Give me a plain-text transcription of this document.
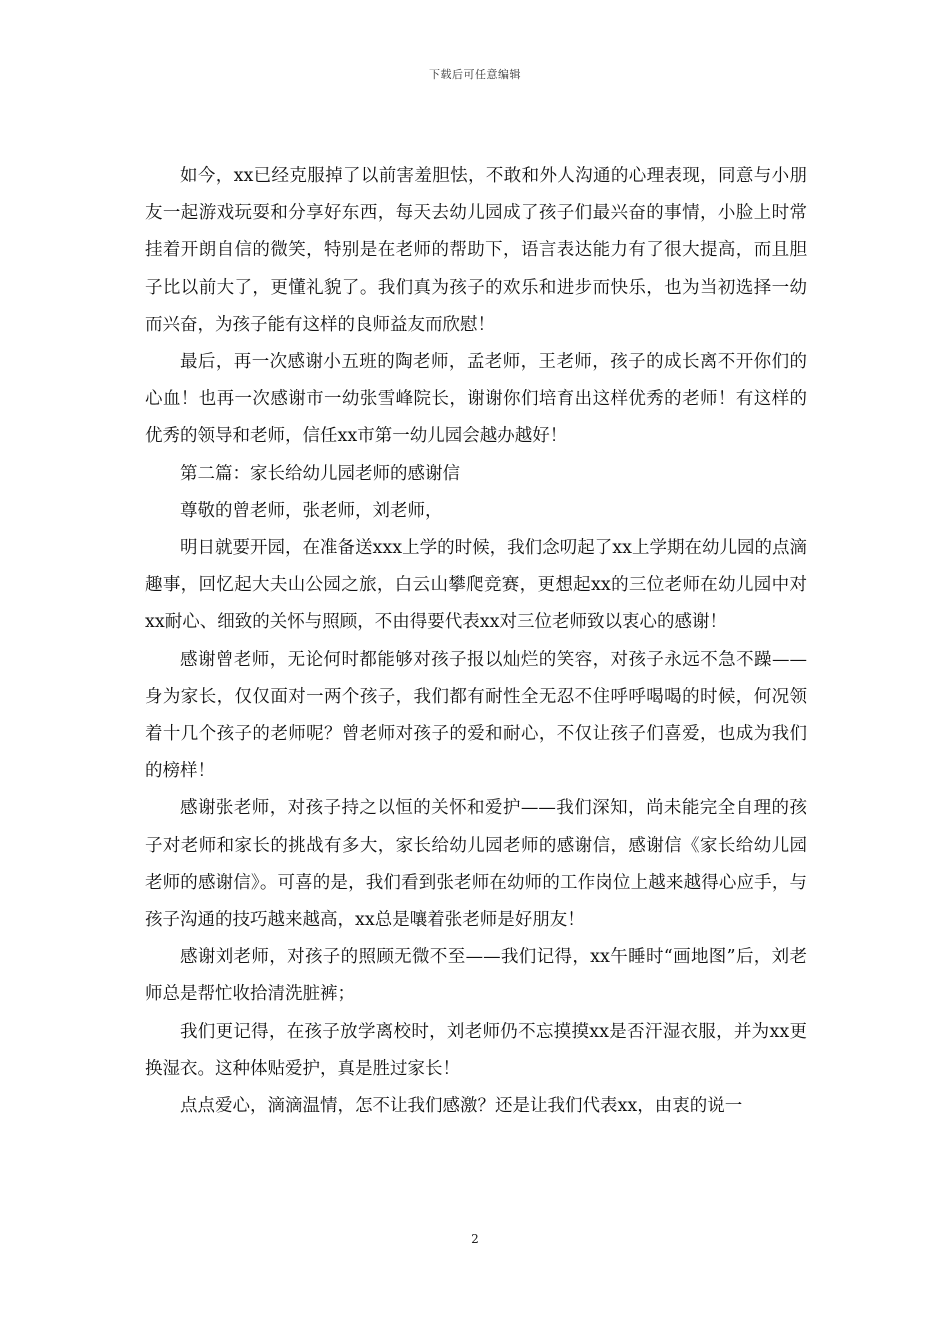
下载后可任意编辑

如今，xx已经克服掉了以前害羞胆怯，不敢和外人沟通的心理表现，同意与小朋友一起游戏玩耍和分享好东西，每天去幼儿园成了孩子们最兴奋的事情，小脸上时常挂着开朗自信的微笑，特别是在老师的帮助下，语言表达能力有了很大提高，而且胆子比以前大了，更懂礼貌了。我们真为孩子的欢乐和进步而快乐，也为当初选择一幼而兴奋，为孩子能有这样的良师益友而欣慰！

最后，再一次感谢小五班的陶老师，孟老师，王老师，孩子的成长离不开你们的心血！也再一次感谢市一幼张雪峰院长，谢谢你们培育出这样优秀的老师！有这样的优秀的领导和老师，信任xx市第一幼儿园会越办越好！

第二篇：家长给幼儿园老师的感谢信

尊敬的曾老师，张老师，刘老师，

明日就要开园，在准备送xxx上学的时候，我们念叨起了xx上学期在幼儿园的点滴趣事，回忆起大夫山公园之旅，白云山攀爬竞赛，更想起xx的三位老师在幼儿园中对xx耐心、细致的关怀与照顾，不由得要代表xx对三位老师致以衷心的感谢！

感谢曾老师，无论何时都能够对孩子报以灿烂的笑容，对孩子永远不急不躁——身为家长，仅仅面对一两个孩子，我们都有耐性全无忍不住呼呼喝喝的时候，何况领着十几个孩子的老师呢？曾老师对孩子的爱和耐心，不仅让孩子们喜爱，也成为我们的榜样！

感谢张老师，对孩子持之以恒的关怀和爱护——我们深知，尚未能完全自理的孩子对老师和家长的挑战有多大，家长给幼儿园老师的感谢信，感谢信《家长给幼儿园老师的感谢信》。可喜的是，我们看到张老师在幼师的工作岗位上越来越得心应手，与孩子沟通的技巧越来越高，xx总是嚷着张老师是好朋友！

感谢刘老师，对孩子的照顾无微不至——我们记得，xx午睡时“画地图”后，刘老师总是帮忙收拾清洗脏裤；

我们更记得，在孩子放学离校时，刘老师仍不忘摸摸xx是否汗湿衣服，并为xx更换湿衣。这种体贴爱护，真是胜过家长！

点点爱心，滴滴温情，怎不让我们感激？还是让我们代表xx，由衷的说一

2
